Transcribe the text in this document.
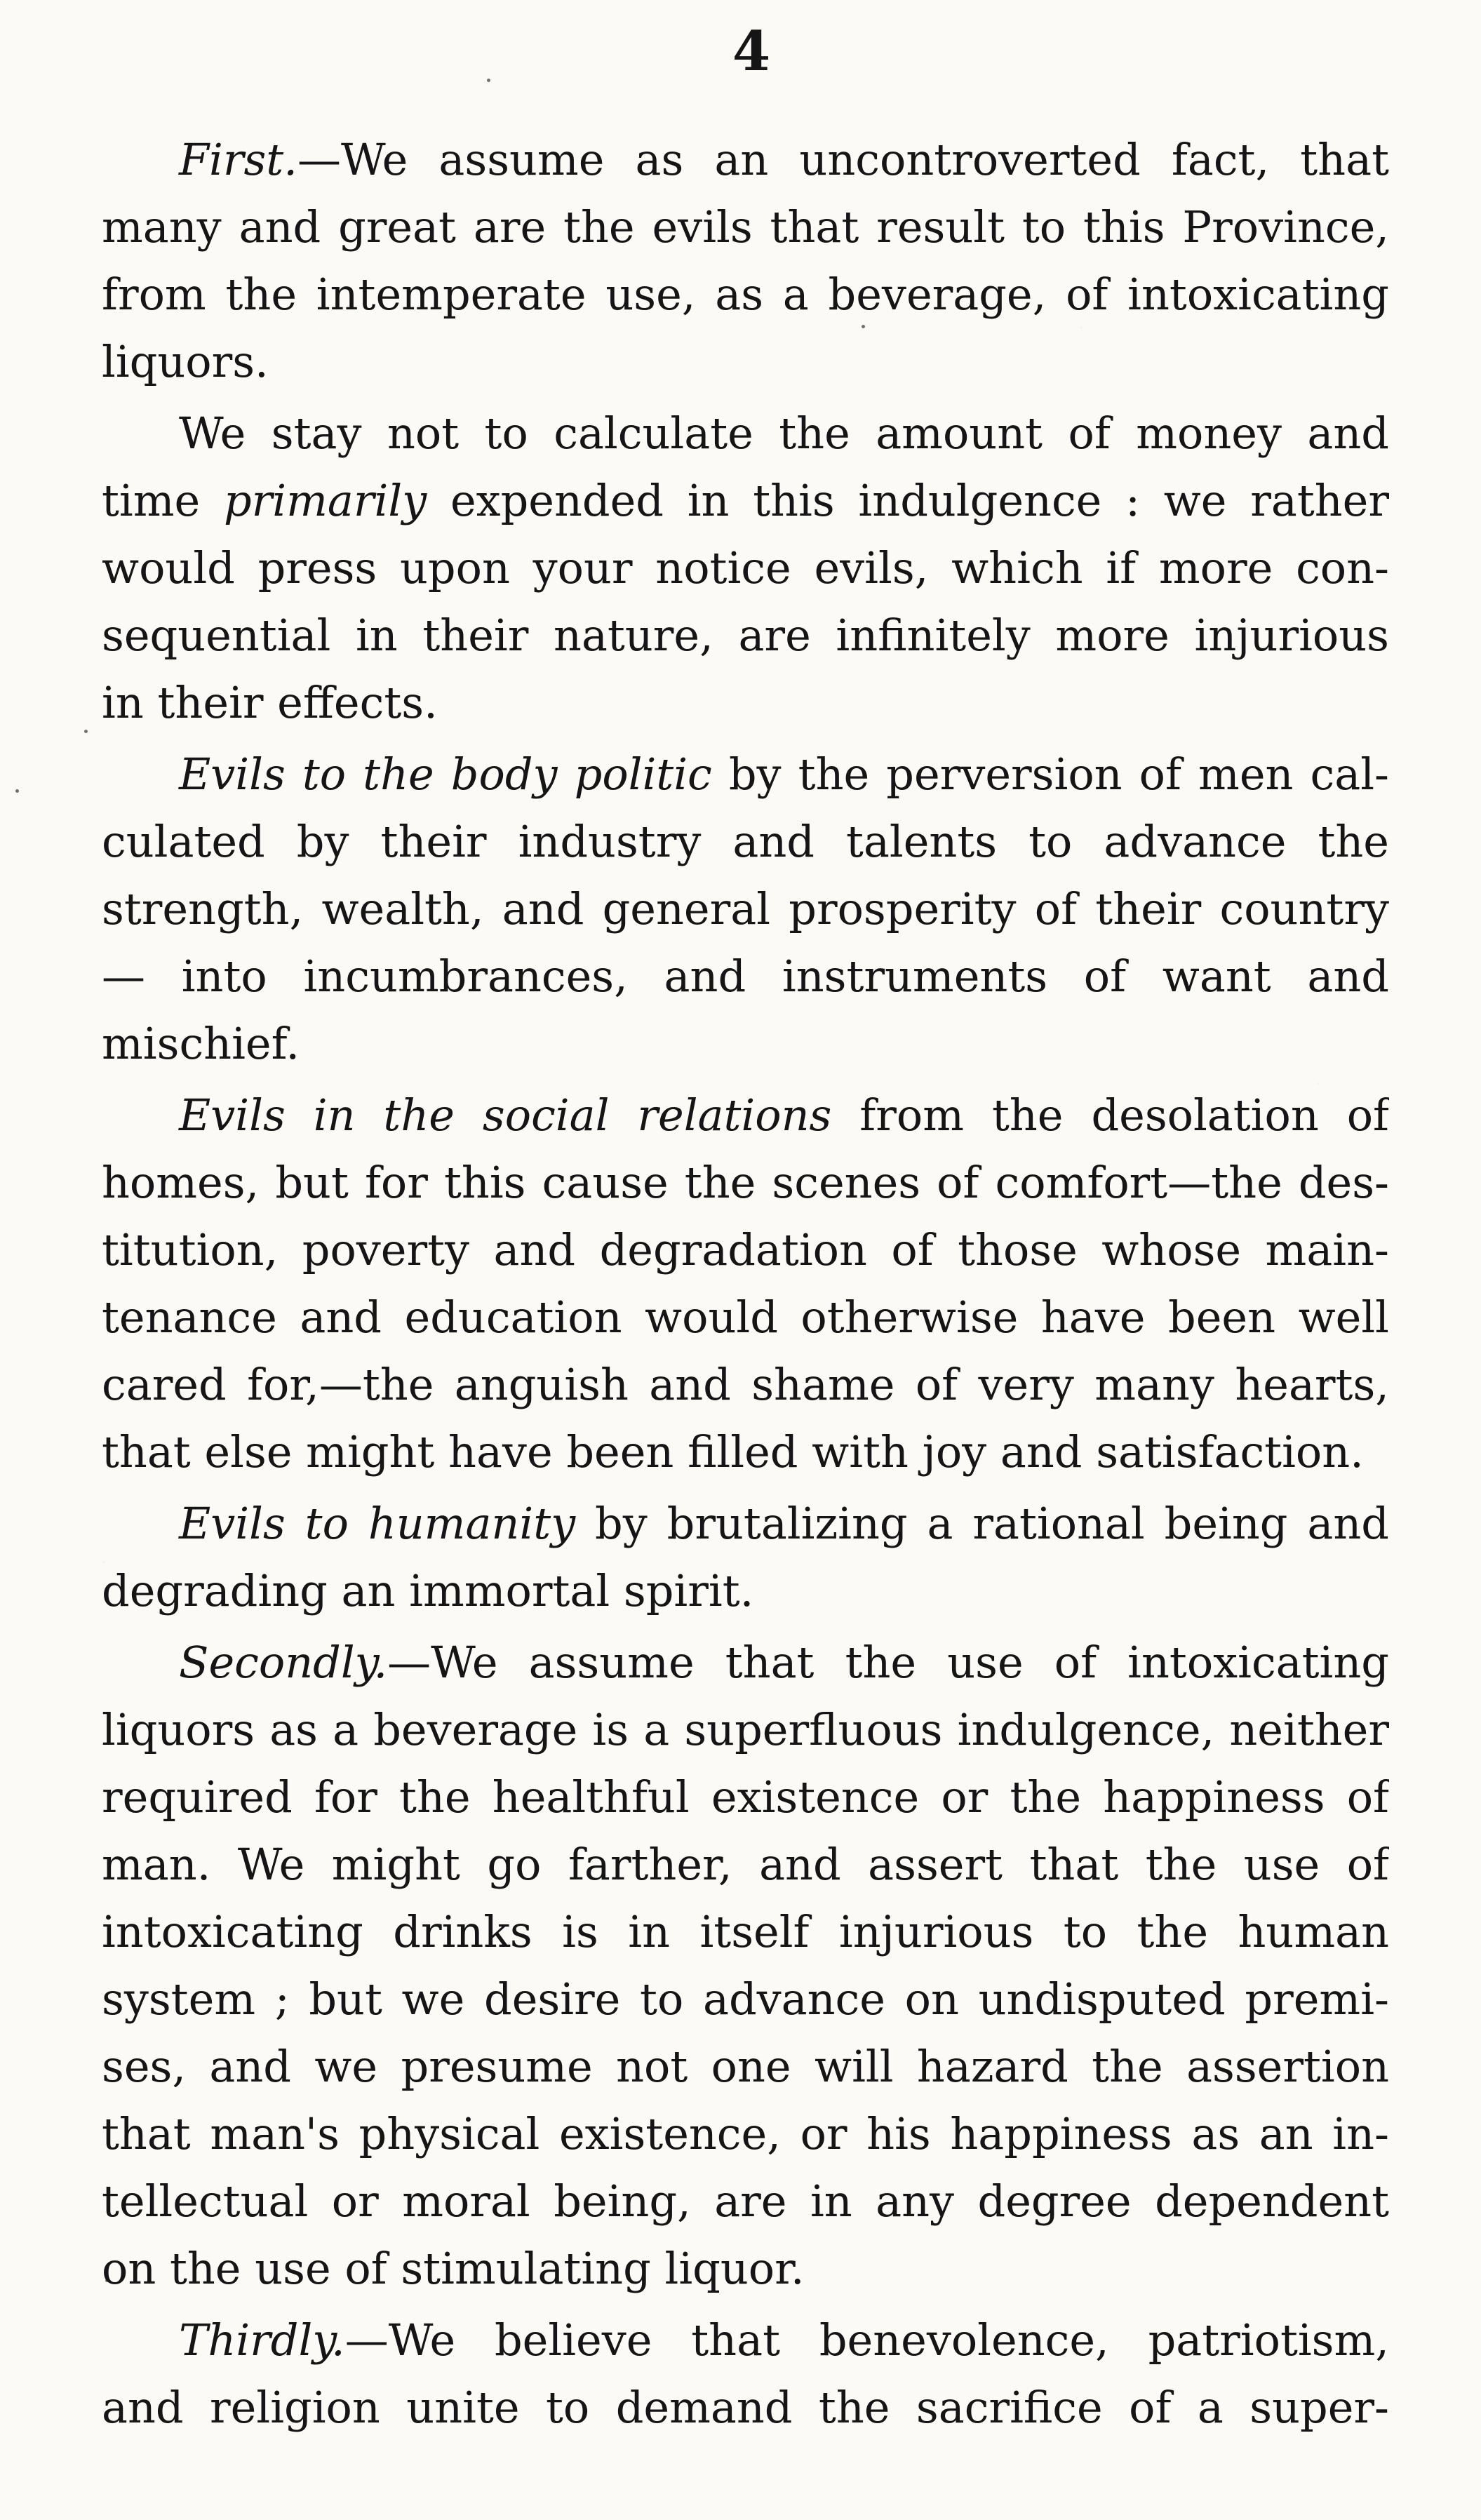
4
First.—We assume as an uncontroverted fact, that
many and great are the evils that result to this Province,
from the intemperate use, as a beverage, of intoxicating
liquors.
We stay not to calculate the amount of money and
time primarily expended in this indulgence : we rather
would press upon your notice evils, which if more con-
sequential in their nature, are infinitely more injurious
in their effects.
Evils to the body politic by the perversion of men cal-
culated by their industry and talents to advance the
strength, wealth, and general prosperity of their country
— into incumbrances, and instruments of want and
mischief.
Evils in the social relations from the desolation of
homes, but for this cause the scenes of comfort—the des-
titution, poverty and degradation of those whose main-
tenance and education would otherwise have been well
cared for,—the anguish and shame of very many hearts,
that else might have been filled with joy and satisfaction.
Evils to humanity by brutalizing a rational being and
degrading an immortal spirit.
Secondly.—We assume that the use of intoxicating
liquors as a beverage is a superfluous indulgence, neither
required for the healthful existence or the happiness of
man. We might go farther, and assert that the use of
intoxicating drinks is in itself injurious to the human
system ; but we desire to advance on undisputed premi-
ses, and we presume not one will hazard the assertion
that man's physical existence, or his happiness as an in-
tellectual or moral being, are in any degree dependent
on the use of stimulating liquor.
Thirdly.—We believe that benevolence, patriotism,
and religion unite to demand the sacrifice of a super-
